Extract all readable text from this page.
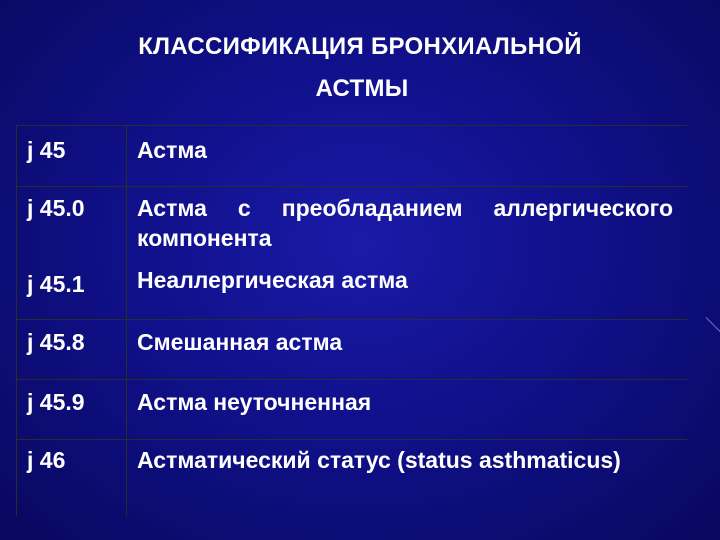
КЛАССИФИКАЦИЯ БРОНХИАЛЬНОЙ
АСТМЫ
j 45	Астма
j 45.0	Астма с преобладанием аллергического компонента
j 45.1	Неаллергическая астма
j 45.8	Смешанная астма
j 45.9	Астма неуточненная
j 46	Астматический статус (status asthmaticus)
